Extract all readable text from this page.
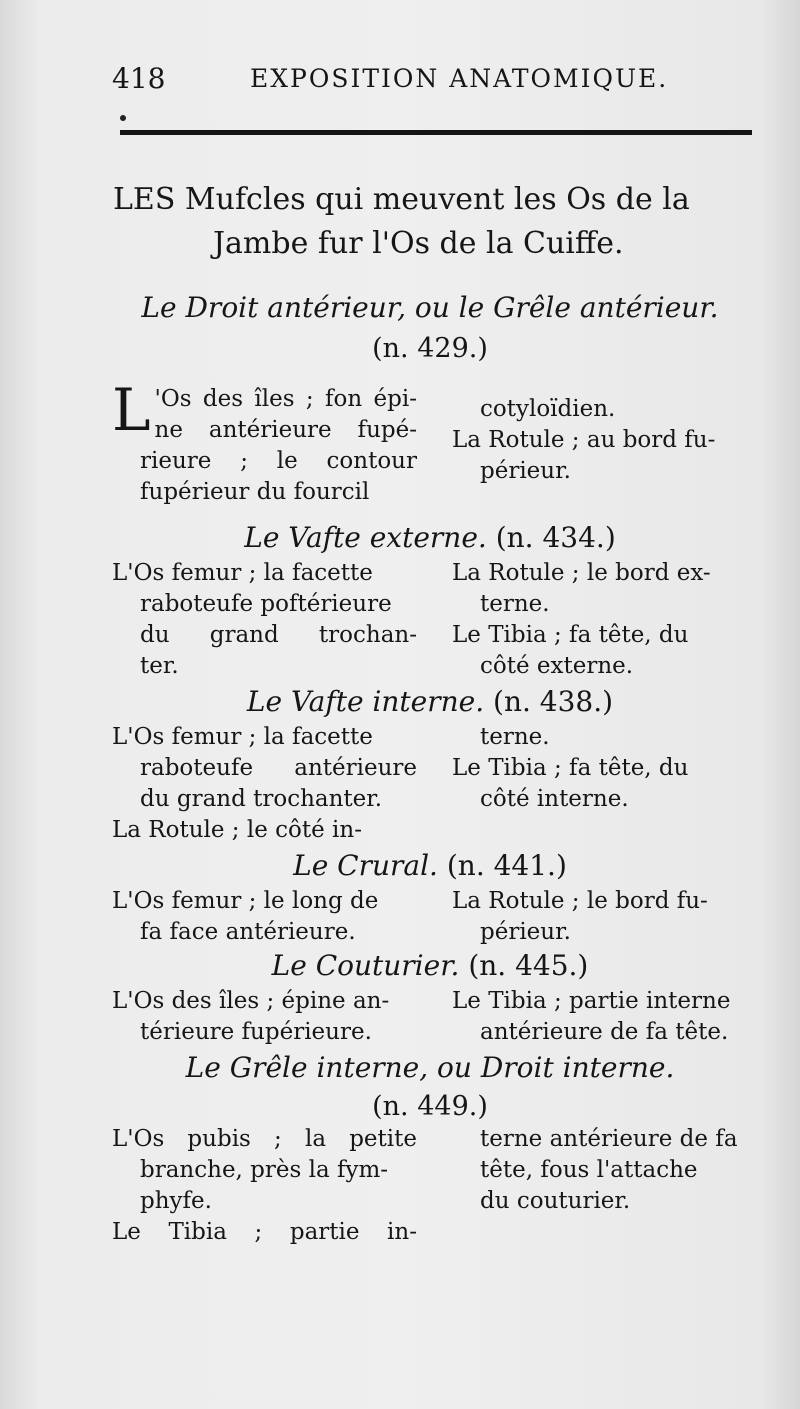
418	EXPOSITION ANATOMIQUE.
LES Mufcles qui meuvent les Os de la
Jambe fur l'Os de la Cuiffe.
Le Droit antérieur, ou le Grêle antérieur.
(n. 429.)
L 'Os des îles ; fon épi-
ne antérieure fupé-
rieure ; le contour
fupérieur du fourcil
cotyloïdien.
La Rotule ; au bord fu-
périeur.
Le Vafte externe. (n. 434.)
L'Os femur ; la facette
raboteufe poftérieure
du grand trochan-
ter.
La Rotule ; le bord ex-
terne.
Le Tibia ; fa tête, du
côté externe.
Le Vafte interne. (n. 438.)
L'Os femur ; la facette
raboteufe antérieure
du grand trochanter.
La Rotule ; le côté in-
terne.
Le Tibia ; fa tête, du
côté interne.
Le Crural. (n. 441.)
L'Os femur ; le long de
fa face antérieure.
La Rotule ; le bord fu-
périeur.
Le Couturier. (n. 445.)
L'Os des îles ; épine an-
térieure fupérieure.
Le Tibia ; partie interne
antérieure de fa tête.
Le Grêle interne, ou Droit interne.
(n. 449.)
L'Os pubis ; la petite
branche, près la fym-
phyfe.
Le Tibia ; partie in-
terne antérieure de fa
tête, fous l'attache
du couturier.
